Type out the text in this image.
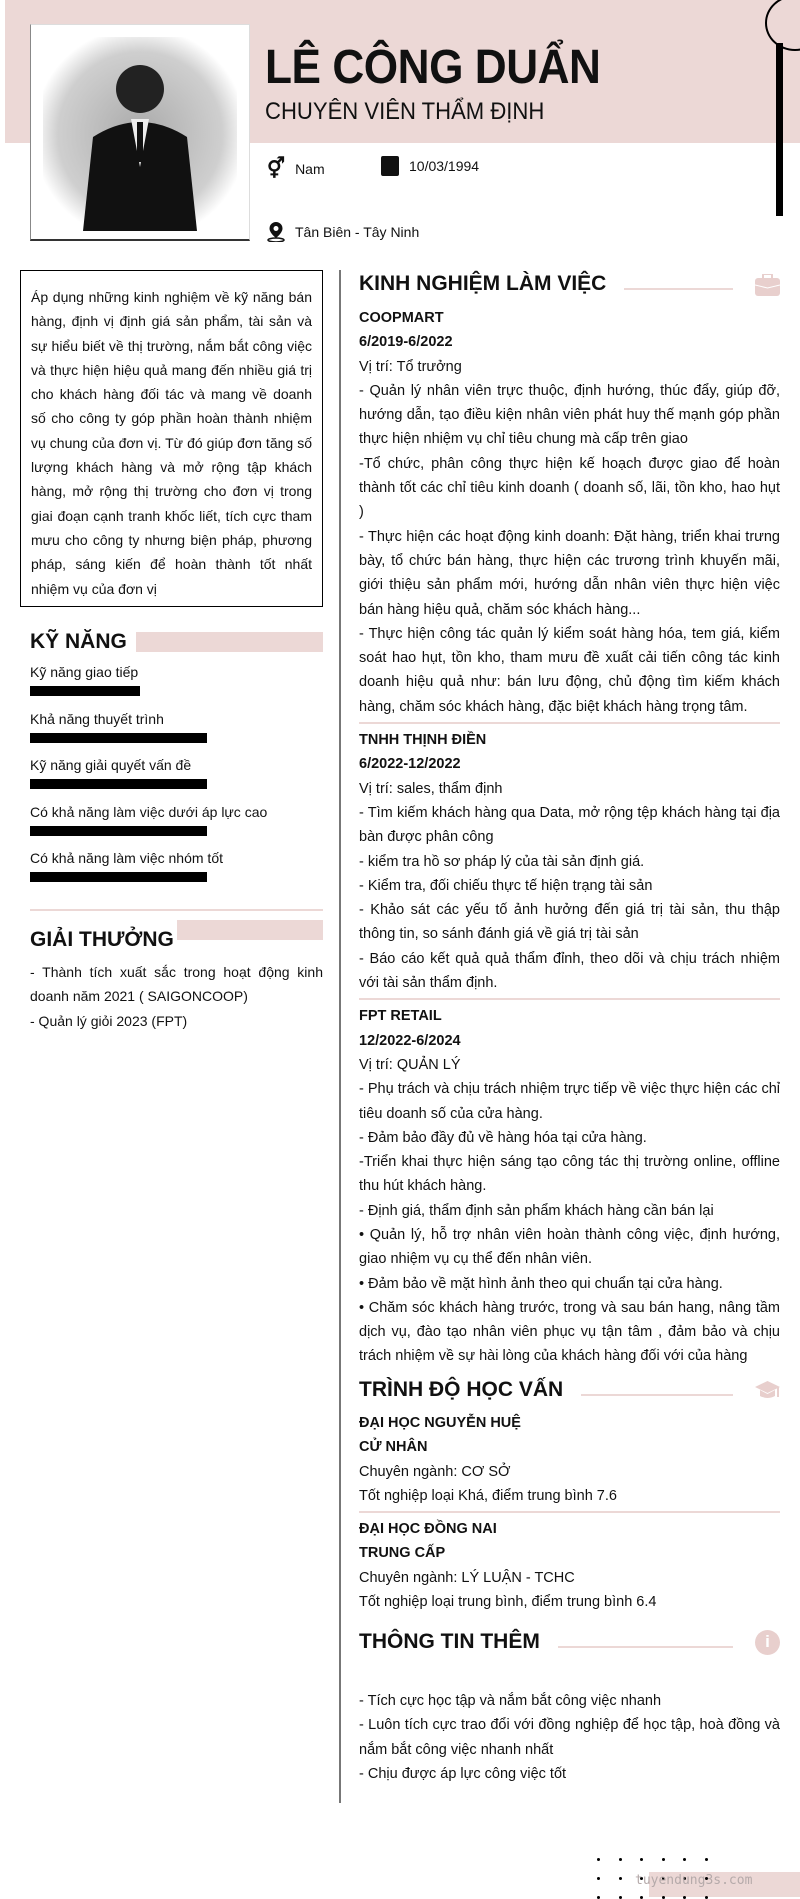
LÊ CÔNG DUẨN
CHUYÊN VIÊN THẨM ĐỊNH
⚥ Nam	10/03/1994
Tân Biên - Tây Ninh
Áp dụng những kinh nghiệm về kỹ năng bán hàng, định vị định giá sản phẩm, tài sản và sự hiểu biết về thị trường, nắm bắt công việc và thực hiện hiệu quả mang đến nhiều giá trị cho khách hàng đối tác và mang về doanh số cho công ty góp phần hoàn thành nhiệm vụ chung của đơn vị. Từ đó giúp đơn tăng số lượng khách hàng và mở rộng tập khách hàng, mở rộng thị trường cho đơn vị trong giai đoạn cạnh tranh khốc liết, tích cực tham mưu cho công ty nhưng biện pháp, phương pháp, sáng kiến để hoàn thành tốt nhất nhiệm vụ của đơn vị
KỸ NĂNG
Kỹ năng giao tiếp
Khả năng thuyết trình
Kỹ năng giải quyết vấn đề
Có khả năng làm việc dưới áp lực cao
Có khả năng làm việc nhóm tốt
GIẢI THƯỞNG
- Thành tích xuất sắc trong hoạt động kinh doanh năm 2021 ( SAIGONCOOP)
- Quản lý giỏi 2023 (FPT)
KINH NGHIỆM LÀM VIỆC
COOPMART
6/2019-6/2022
Vị trí: Tổ trưởng
- Quản lý nhân viên trực thuộc, định hướng, thúc đẩy, giúp đỡ, hướng dẫn, tạo điều kiện nhân viên phát huy thế mạnh góp phần thực hiện nhiệm vụ chỉ tiêu chung mà cấp trên giao
-Tổ chức, phân công thực hiện kế hoạch được giao để hoàn thành tốt các chỉ tiêu kinh doanh ( doanh số, lãi, tồn kho, hao hụt )
- Thực hiện các hoạt động kinh doanh: Đặt hàng, triển khai trưng bày, tổ chức bán hàng, thực hiện các trương trình khuyến mãi, giới thiệu sản phẩm mới, hướng dẫn nhân viên thực hiện việc bán hàng hiệu quả, chăm sóc khách hàng...
- Thực hiện công tác quản lý kiểm soát hàng hóa, tem giá, kiểm soát hao hụt, tồn kho, tham mưu đề xuất cải tiến công tác kinh doanh hiệu quả như: bán lưu động, chủ động tìm kiếm khách hàng, chăm sóc khách hàng, đặc biệt khách hàng trọng tâm.
TNHH THỊNH ĐIỀN
6/2022-12/2022
Vị trí: sales, thẩm định
- Tìm kiếm khách hàng qua Data, mở rộng tệp khách hàng tại địa bàn được phân công
- kiểm tra hồ sơ pháp lý của tài sản định giá.
- Kiểm tra, đối chiếu thực tế hiện trạng tài sản
- Khảo sát các yếu tố ảnh hưởng đến giá trị tài sản, thu thập thông tin, so sánh đánh giá về giá trị tài sản
- Báo cáo kết quả quả thẩm đỉnh, theo dõi và chịu trách nhiệm với tài sản thẩm định.
FPT RETAIL
12/2022-6/2024
Vị trí: QUẢN LÝ
- Phụ trách và chịu trách nhiệm trực tiếp về việc thực hiện các chỉ tiêu doanh số của cửa hàng.
- Đảm bảo đầy đủ về hàng hóa tại cửa hàng.
-Triển khai thực hiện sáng tạo công tác thị trường online, offline thu hút khách hàng.
- Định giá, thẩm định sản phẩm khách hàng cần bán lại
• Quản lý, hỗ trợ nhân viên hoàn thành công việc, định hướng, giao nhiệm vụ cụ thể đến nhân viên.
• Đảm bảo về mặt hình ảnh theo qui chuẩn tại cửa hàng.
• Chăm sóc khách hàng trước, trong và sau bán hang, nâng tầm dịch vụ, đào tạo nhân viên phục vụ tận tâm , đảm bảo và chịu trách nhiệm về sự hài lòng của khách hàng đối với của hàng
TRÌNH ĐỘ HỌC VẤN
ĐẠI HỌC NGUYỄN HUỆ
CỬ NHÂN
Chuyên ngành: CƠ SỞ
Tốt nghiệp loại Khá, điểm trung bình 7.6
ĐẠI HỌC ĐỒNG NAI
TRUNG CẤP
Chuyên ngành: LÝ LUẬN - TCHC
Tốt nghiệp loại trung bình, điểm trung bình 6.4
THÔNG TIN THÊM	i
- Tích cực học tập và nắm bắt công việc nhanh
- Luôn tích cực trao đổi với đồng nghiệp để học tập, hoà đồng và nắm bắt công việc nhanh nhất
- Chịu được áp lực công việc tốt
tuyendung3s.com
